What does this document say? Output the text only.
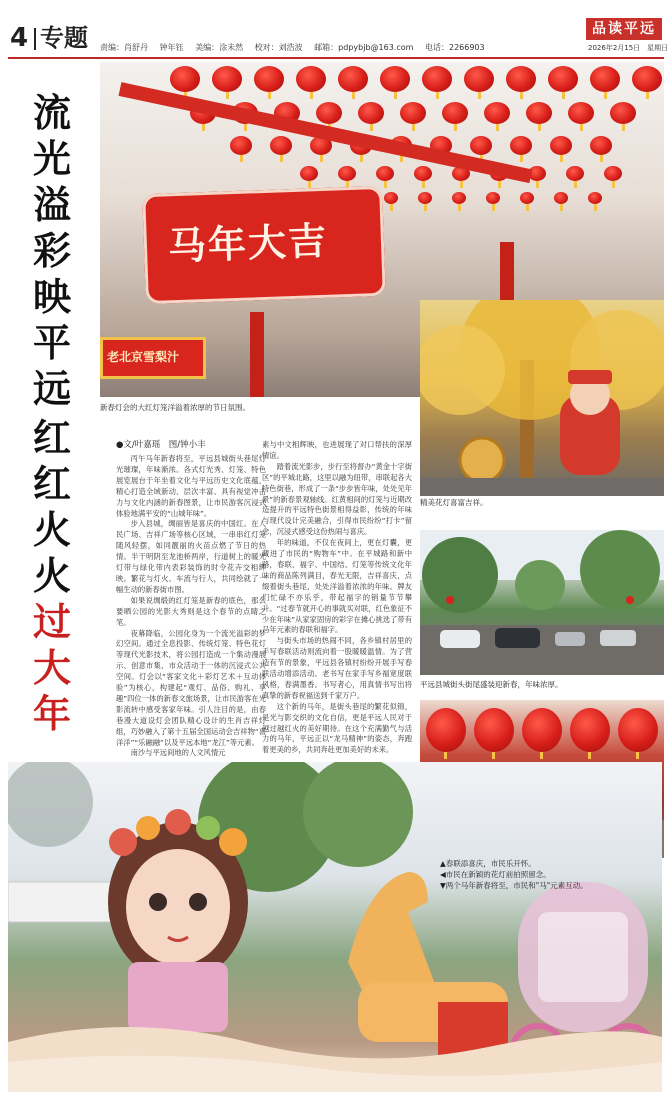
4 专题 责编：肖舒丹 钟年钰 美编：涂未然 校对：刘浩波 邮箱：pdpybjb@163.com 电话：2266903
品读平远
2026年2月15日　星期日
流
光
溢
彩
映
平
远
红
红
火
火
过
大
年
马年大吉
老北京雪梨汁
新春灯会的大红灯笼洋溢着浓厚的节日氛围。
精美花灯喜富吉祥。
平远县城街头街尾盛装迎新春，年味浓厚。
●文/叶嘉瑶　图/钟小丰

丙午马年新春将至，平远县城街头巷尾灯光璀璨，年味渐浓。各式灯光秀、灯笼、特色展览展台于年坐着文化与平远历史文化底蕴，精心打造全域新动、层次丰富、具有视觉冲击力与文化内涵的新春图景，让市民游客沉浸式体验地满平安的“山城年味”。

步入县城，绸丽皆是喜庆的中国红。在人民广场、吉祥广场等核心区域，一串串红灯笼随风轻摆，如同靓丽的火苗点燃了节日的热情。半干明阴至龙池桥两岸，行道树上的暖光灯带与绿化带内表彩装饰的时令花卉交相辉映。繁花与灯火、车流与行人，共同绘就了一幅生动的新春街市图。

如果说绸缎的红灯笼是新春的底色，那么要晒公园的光影大秀则是这个春节的点睛之笔。

夜幕降临，公园化身为一个流光溢彩的梦幻空间。通过全息投影、传统灯笼、特色花灯等现代光影技术，将公园打造成一个集动漫展示、创意市集、市众活动于一体的沉浸式公共空间。灯会以“客家文化＋彩灯艺术＋互动体验”为核心，构建起“观灯、品俗、购礼、享趣”四位一体的新春文旅场景，让市民游客在光影流转中感受客家年味。引人注目的是，由春巷漫大道设灯会团队精心设计的生肖吉祥灯组，巧妙融入了第十五届全国运动会吉祥物“喜洋洋”“乐融融”以及平远本地“龙江”等元素。

南沙与平远间地的人文风情元

素与中文相辉映，也进展现了对口帮扶的深厚情谊。

踏着流光影步，步行至将督办“黄金十字街区”的平城北路，这里以融为纽带，串联起各大特色街巷，形成了一条“步步皆年味，处处见年景”的新春景观轴线。红黄相间的灯笼与近期改造提升的平远特色街景相得益彰，传统的年味与现代设计完美融合，引得市民纷纷“打卡”留念，沉浸式感受这份热闹与喜庆。

年的味道，不仅在夜间上，更在灯囊，更藏进了市民的“购物车”中。在平城路和新中路，春联、福字、中国结、灯笼等传统文化年味的商品陈列满目，春光无限，吉祥喜庆，点缀着街头巷尾，处处洋溢着浓浓的年味。牌友们忙碌不亦乐乎，带起福字的销量节节攀升。“过春节就开心的事就买对联，红色象征不少在年味”从家家固房的彩字在摊心挑选了带有马年元素的春联和福字。

与街头市场的热闹不同，各乡镇村居里的手写春联活动则流向着一股暖暖温情。为了营造有节的景象，平远县各镇村纷纷开展手写春联活动增添活动。老书写在家手写乡福宽度联风格，春满墨香。书写者心，用真情书写出将真挚的新春祝福送到千家万户。

这个新的马年，是街头巷尾的繁花似锦，是光与影交织的文化自信，更是平远人民对于越过越红火的美好期待。在这个充满勤气与活力的马年，平远正以“龙马精神”的姿态，奔跑着更美的乡，共同奔赴更加美好的未来。

▲春联添喜庆，市民乐开怀。
◀市民在新颖的花灯前拍照留念。
▼两个马年新春将至，市民和"马"元素互动。
